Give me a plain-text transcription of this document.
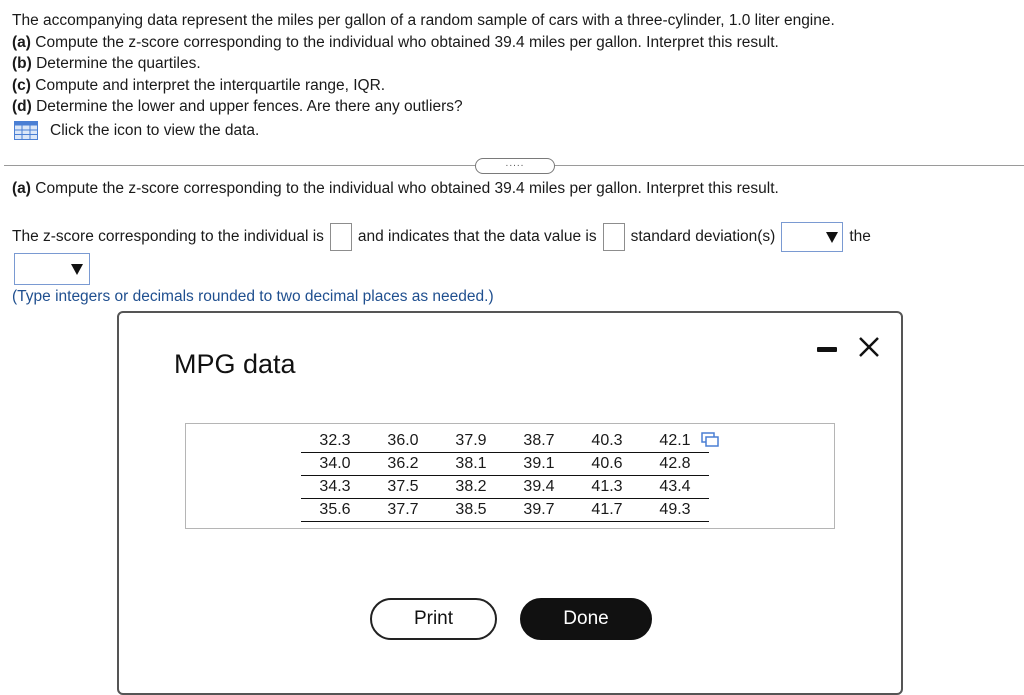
The accompanying data represent the miles per gallon of a random sample of cars with a three-cylinder, 1.0 liter engine.
(a) Compute the z-score corresponding to the individual who obtained 39.4 miles per gallon. Interpret this result.
(b) Determine the quartiles.
(c) Compute and interpret the interquartile range, IQR.
(d) Determine the lower and upper fences. Are there any outliers?
Click the icon to view the data.
.....
(a) Compute the z-score corresponding to the individual who obtained 39.4 miles per gallon. Interpret this result.
The z-score corresponding to the individual is and indicates that the data value is standard deviation(s)	the
(Type integers or decimals rounded to two decimal places as needed.)
MPG data
32.3	36.0	37.9	38.7	40.3	42.1
34.0	36.2	38.1	39.1	40.6	42.8
34.3	37.5	38.2	39.4	41.3	43.4
35.6	37.7	38.5	39.7	41.7	49.3
Print	Done
